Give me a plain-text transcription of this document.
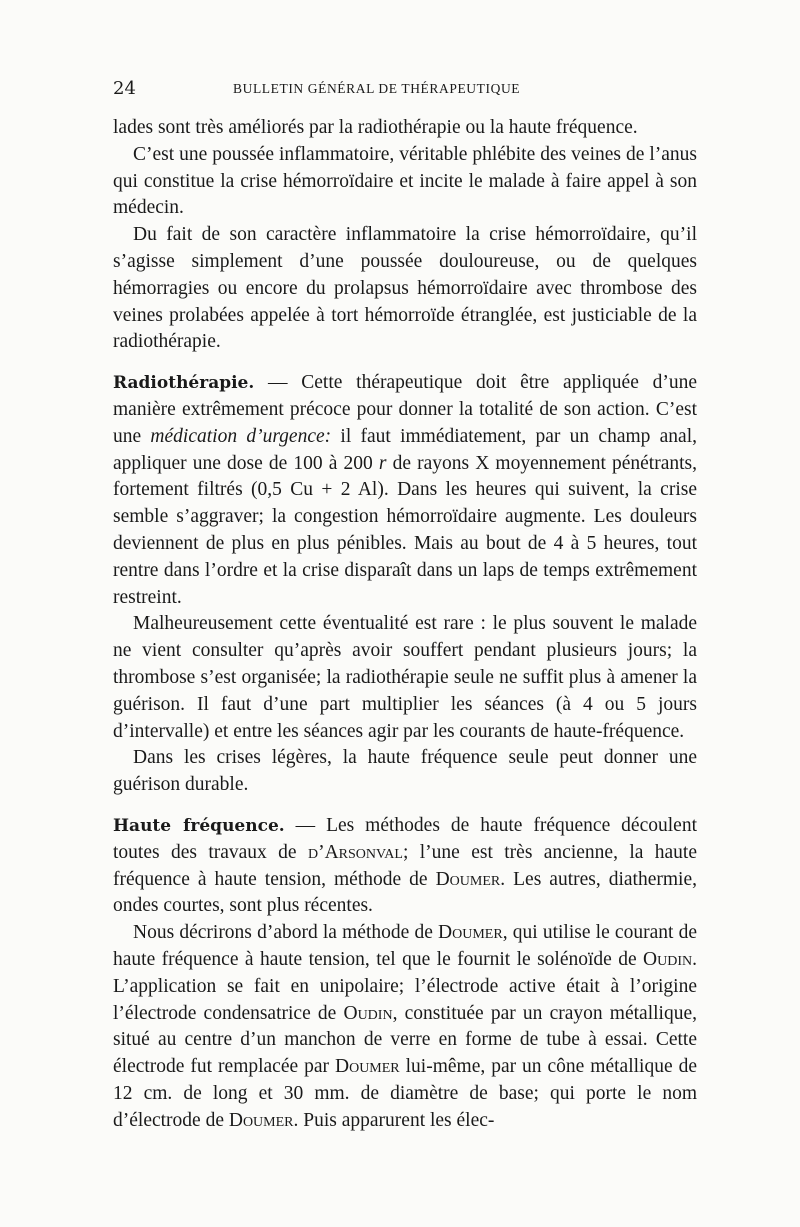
24	BULLETIN GÉNÉRAL DE THÉRAPEUTIQUE

lades sont très améliorés par la radiothérapie ou la haute fréquence.

C’est une poussée inflammatoire, véritable phlébite des veines de l’anus qui constitue la crise hémorroïdaire et incite le malade à faire appel à son médecin.

Du fait de son caractère inflammatoire la crise hémorroïdaire, qu’il s’agisse simplement d’une poussée douloureuse, ou de quelques hémorragies ou encore du prolapsus hémorroïdaire avec thrombose des veines prolabées appelée à tort hémorroïde étranglée, est justiciable de la radiothérapie.

Radiothérapie. — Cette thérapeutique doit être appliquée d’une manière extrêmement précoce pour donner la totalité de son action. C’est une médication d’urgence: il faut immédiatement, par un champ anal, appliquer une dose de 100 à 200 r de rayons X moyennement pénétrants, fortement filtrés (0,5 Cu + 2 Al). Dans les heures qui suivent, la crise semble s’aggraver; la congestion hémorroïdaire augmente. Les douleurs deviennent de plus en plus pénibles. Mais au bout de 4 à 5 heures, tout rentre dans l’ordre et la crise disparaît dans un laps de temps extrêmement restreint.

Malheureusement cette éventualité est rare : le plus souvent le malade ne vient consulter qu’après avoir souffert pendant plusieurs jours; la thrombose s’est organisée; la radiothérapie seule ne suffit plus à amener la guérison. Il faut d’une part multiplier les séances (à 4 ou 5 jours d’intervalle) et entre les séances agir par les courants de haute-fréquence.

Dans les crises légères, la haute fréquence seule peut donner une guérison durable.

Haute fréquence. — Les méthodes de haute fréquence découlent toutes des travaux de d’Arsonval; l’une est très ancienne, la haute fréquence à haute tension, méthode de Doumer. Les autres, diathermie, ondes courtes, sont plus récentes.

Nous décrirons d’abord la méthode de Doumer, qui utilise le courant de haute fréquence à haute tension, tel que le fournit le solénoïde de Oudin. L’application se fait en unipolaire; l’électrode active était à l’origine l’électrode condensatrice de Oudin, constituée par un crayon métallique, situé au centre d’un manchon de verre en forme de tube à essai. Cette électrode fut remplacée par Doumer lui-même, par un cône métallique de 12 cm. de long et 30 mm. de diamètre de base; qui porte le nom d’électrode de Doumer. Puis apparurent les élec-
